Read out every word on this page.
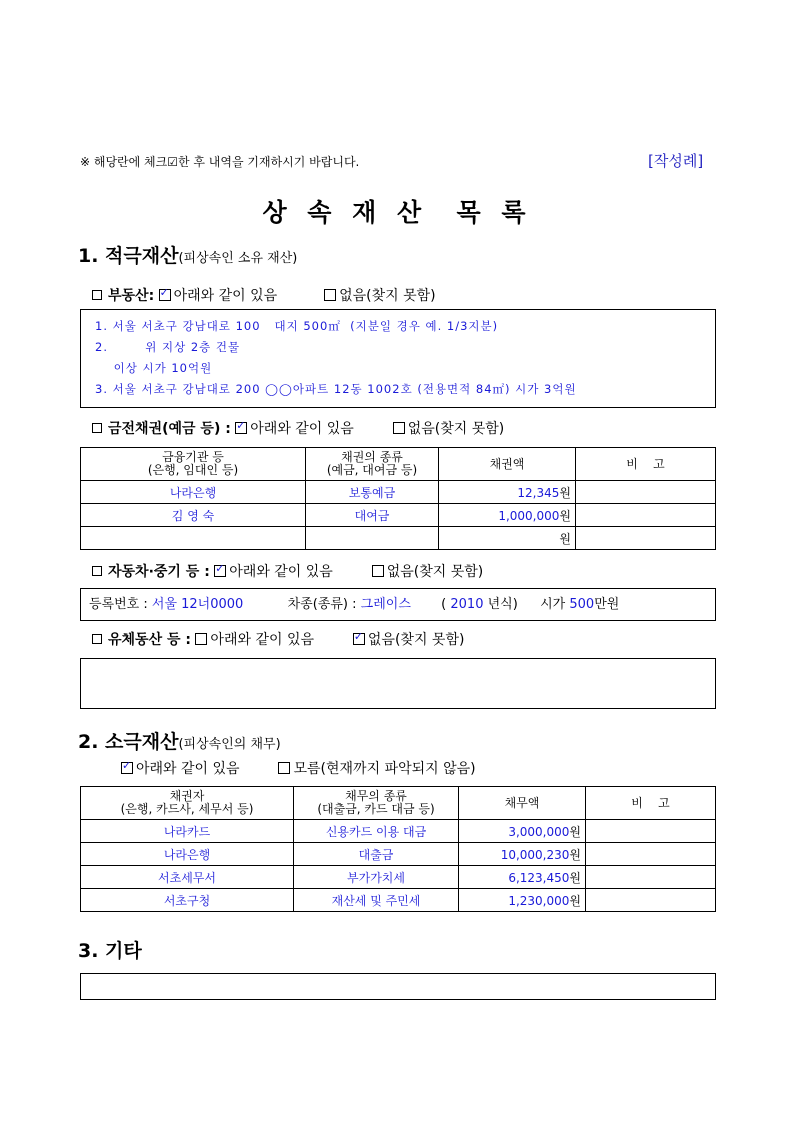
※ 해당란에 체크☑한 후 내역을 기재하시기 바랍니다.	[작성례]
상 속 재 산  목 록
1. 적극재산(피상속인 소유 재산)
부동산: ✓ 아래와 같이 있음	없음(찾지 못함)
1. 서울 서초구 강남대로 100   대지 500㎡  (지분일 경우 예. 1/3지분)
2.        위 지상 2층 건물
이상 시가 10억원
3. 서울 서초구 강남대로 200 ◯◯아파트 12동 1002호 (전용면적 84㎡) 시가 3억원
금전채권(예금 등) : ✓ 아래와 같이 있음	없음(찾지 못함)
금융기관 등
(은행, 임대인 등)	채권의 종류
(예금, 대여금 등)	채권액	비    고
나라은행	보통예금	12,345원	
김 영 숙	대여금	1,000,000원	
		원	
자동차·중기 등 : ✓ 아래와 같이 있음	없음(찾지 못함)
등록번호 : 서울 12너0000	차종(종류) : 그레이스 ( 2010 년식) 시가 500만원
유체동산 등 : 아래와 같이 있음 ✓	없음(찾지 못함)
2. 소극재산(피상속인의 채무)
✓아래와 같이 있음	모름(현재까지 파악되지 않음)
채권자
(은행, 카드사, 세무서 등)	채무의 종류
(대출금, 카드 대금 등)	채무액	비    고
나라카드	신용카드 이용 대금	3,000,000원	
나라은행	대출금	10,000,230원	
서초세무서	부가가치세	6,123,450원	
서초구청	재산세 및 주민세	1,230,000원	
3. 기타
